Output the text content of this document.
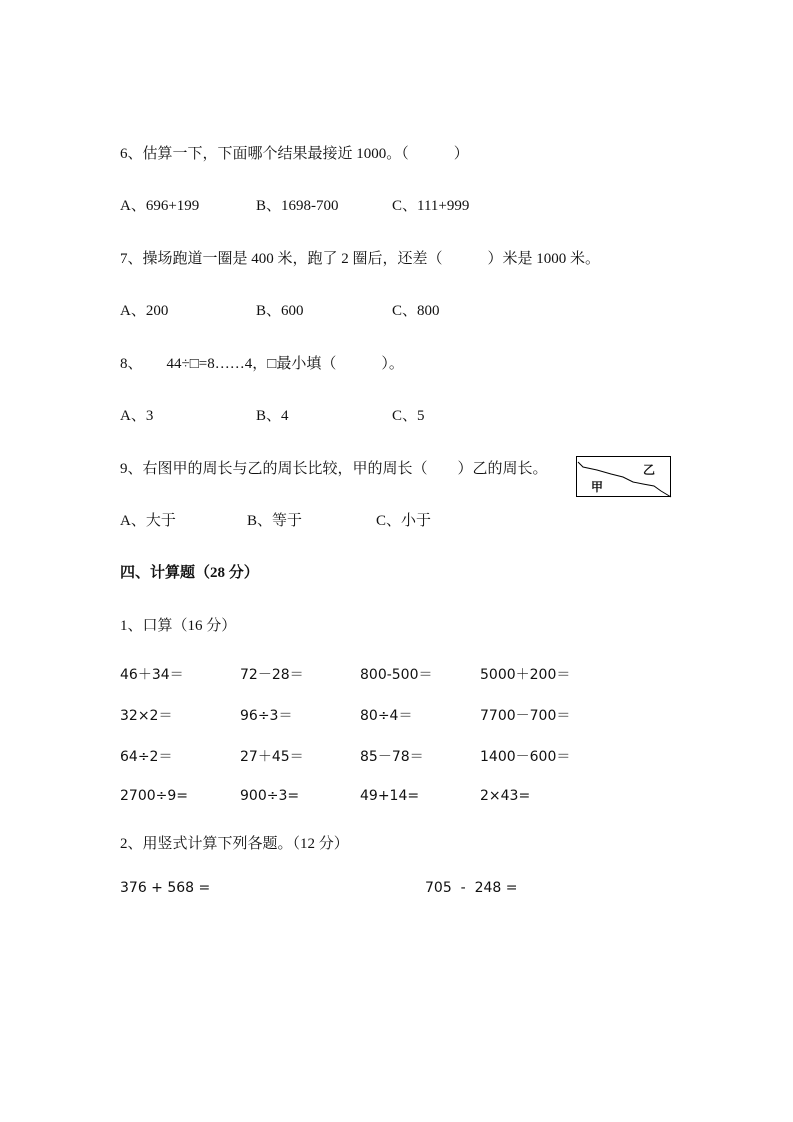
6、估算一下，下面哪个结果最接近 1000。（　　　）
A、696+199	B、1698-700	C、111+999
7、操场跑道一圈是 400 米，跑了 2 圈后，还差（　　　）米是 1000 米。
A、200	B、600	C、800
8、 44÷□=8……4，□最小填（　　　）。
A、3	B、4	C、5
9、右图甲的周长与乙的周长比较，甲的周长（　　）乙的周长。
甲
乙
A、大于	B、等于	C、小于
四、计算题（28 分）
1、口算（16 分）
46＋34＝	72－28＝	800-500＝	5000＋200＝
32×2＝	96÷3＝	80÷4＝	7700－700＝
64÷2＝	27＋45＝	85－78＝	1400－600＝
2700÷9=	900÷3=	49+14=	2×43=
2、用竖式计算下列各题。（12 分）
376 + 568 =	705  -  248 =
